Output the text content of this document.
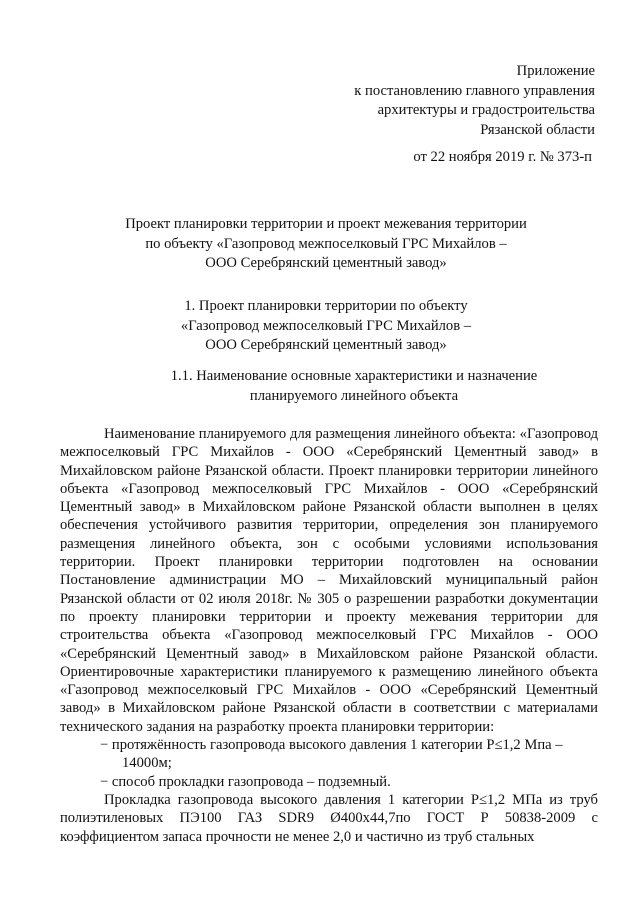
Приложение
к постановлению главного управления
архитектуры и градостроительства
Рязанской области
от 22 ноября 2019 г. № 373-п
Проект планировки территории и проект межевания территории
по объекту «Газопровод межпоселковый ГРС Михайлов –
ООО Серебрянский цементный завод»
1. Проект планировки территории по объекту
«Газопровод межпоселковый ГРС Михайлов –
ООО Серебрянский цементный завод»
1.1. Наименование основные характеристики и назначение
планируемого линейного объекта

Наименование планируемого для размещения линейного объекта: «Газопровод межпоселковый ГРС Михайлов - ООО «Серебрянский Цементный завод» в Михайловском районе Рязанской области. Проект планировки территории линейного объекта «Газопровод межпоселковый ГРС Михайлов - ООО «Серебрянский Цементный завод» в Михайловском районе Рязанской области выполнен в целях обеспечения устойчивого развития территории, определения зон планируемого размещения линейного объекта, зон с особыми условиями использования территории. Проект планировки территории подготовлен на основании Постановление администрации МО – Михайловский муниципальный район Рязанской области от 02 июля 2018г. № 305 о разрешении разработки документации по проекту планировки территории и проекту межевания территории для строительства объекта «Газопровод межпоселковый ГРС Михайлов - ООО «Серебрянский Цементный завод» в Михайловском районе Рязанской области. Ориентировочные характеристики планируемого к размещению линейного объекта «Газопровод межпоселковый ГРС Михайлов - ООО «Серебрянский Цементный завод» в Михайловском районе Рязанской области в соответствии с материалами технического задания на разработку проекта планировки территории:

− протяжённость газопровода высокого давления 1 категории Р≤1,2 Мпа –
14000м;
− способ прокладки газопровода – подземный.

Прокладка газопровода высокого давления 1 категории Р≤1,2 МПа из труб полиэтиленовых ПЭ100 ГАЗ SDR9 Ø400х44,7по ГОСТ Р 50838-2009 с коэффициентом запаса прочности не менее 2,0 и частично из труб стальных
